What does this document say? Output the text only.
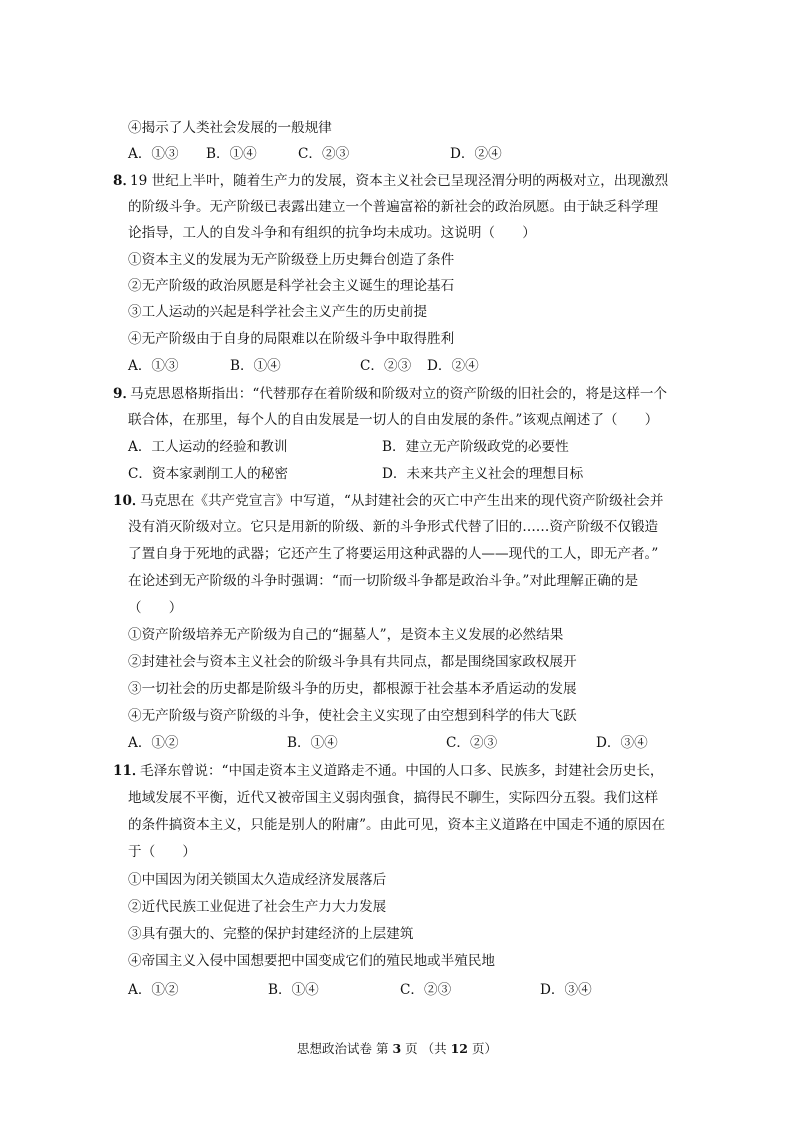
④揭示了人类社会发展的一般规律
A．①③ B．①④	C．②③	D．②④
8．
19 世纪上半叶，随着生产力的发展，资本主义社会已呈现泾渭分明的两极对立，出现激烈
的阶级斗争。无产阶级已表露出建立一个普遍富裕的新社会的政治夙愿。由于缺乏科学理
论指导，工人的自发斗争和有组织的抗争均未成功。这说明（　　）
①资本主义的发展为无产阶级登上历史舞台创造了条件
②无产阶级的政治夙愿是科学社会主义诞生的理论基石
③工人运动的兴起是科学社会主义产生的历史前提
④无产阶级由于自身的局限难以在阶级斗争中取得胜利
A．①③	B．①④	C．②③ D．②④
9．
马克思恩格斯指出：“代替那存在着阶级和阶级对立的资产阶级的旧社会的，将是这样一个
联合体，在那里，每个人的自由发展是一切人的自由发展的条件。”该观点阐述了（　　）
A．工人运动的经验和教训	B．建立无产阶级政党的必要性
C．资本家剥削工人的秘密	D．未来共产主义社会的理想目标
10．
马克思在《共产党宣言》中写道，“从封建社会的灭亡中产生出来的现代资产阶级社会并
没有消灭阶级对立。它只是用新的阶级、新的斗争形式代替了旧的……资产阶级不仅锻造
了置自身于死地的武器；它还产生了将要运用这种武器的人——现代的工人，即无产者。”
在论述到无产阶级的斗争时强调：“而一切阶级斗争都是政治斗争。”对此理解正确的是
（　　）
①资产阶级培养无产阶级为自己的“掘墓人”，是资本主义发展的必然结果
②封建社会与资本主义社会的阶级斗争具有共同点，都是围绕国家政权展开
③一切社会的历史都是阶级斗争的历史，都根源于社会基本矛盾运动的发展
④无产阶级与资产阶级的斗争，使社会主义实现了由空想到科学的伟大飞跃
A．①②	B．①④	C．②③	D．③④
11．
毛泽东曾说：“中国走资本主义道路走不通。中国的人口多、民族多，封建社会历史长，
地域发展不平衡，近代又被帝国主义弱肉强食，搞得民不聊生，实际四分五裂。我们这样
的条件搞资本主义，只能是别人的附庸”。由此可见，资本主义道路在中国走不通的原因在
于（　　）
①中国因为闭关锁国太久造成经济发展落后
②近代民族工业促进了社会生产力大力发展
③具有强大的、完整的保护封建经济的上层建筑
④帝国主义入侵中国想要把中国变成它们的殖民地或半殖民地
A．①②	B．①④	C．②③	D．③④
思想政治试卷 第 3 页 （共 12 页）
